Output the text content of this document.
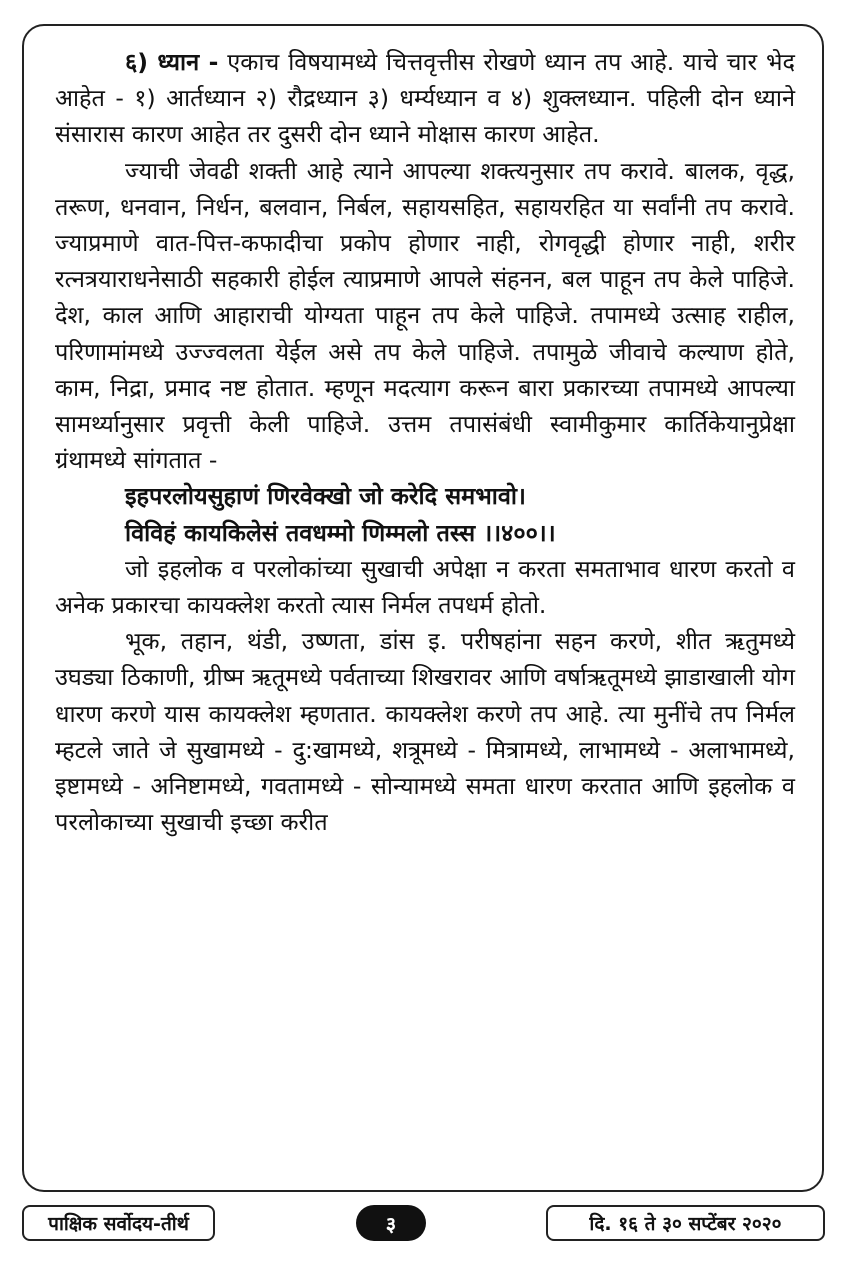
६) ध्यान - एकाच विषयामध्ये चित्तवृत्तीस रोखणे ध्यान तप आहे. याचे चार भेद आहेत - १) आर्तध्यान २) रौद्रध्यान ३) धर्म्यध्यान व ४) शुक्लध्यान. पहिली दोन ध्याने संसारास कारण आहेत तर दुसरी दोन ध्याने मोक्षास कारण आहेत.

ज्याची जेवढी शक्ती आहे त्याने आपल्या शक्त्यनुसार तप करावे. बालक, वृद्ध, तरूण, धनवान, निर्धन, बलवान, निर्बल, सहायसहित, सहायरहित या सर्वांनी तप करावे. ज्याप्रमाणे वात-पित्त-कफादीचा प्रकोप होणार नाही, रोगवृद्धी होणार नाही, शरीर रत्नत्रयाराधनेसाठी सहकारी होईल त्याप्रमाणे आपले संहनन, बल पाहून तप केले पाहिजे. देश, काल आणि आहाराची योग्यता पाहून तप केले पाहिजे. तपामध्ये उत्साह राहील, परिणामांमध्ये उज्ज्वलता येईल असे तप केले पाहिजे. तपामुळे जीवाचे कल्याण होते, काम, निद्रा, प्रमाद नष्ट होतात. म्हणून मदत्याग करून बारा प्रकारच्या तपामध्ये आपल्या सामर्थ्यानुसार प्रवृत्ती केली पाहिजे. उत्तम तपासंबंधी स्वामीकुमार कार्तिकेयानुप्रेक्षा ग्रंथामध्ये सांगतात -

इहपरलोयसुहाणं णिरवेक्खो जो करेदि समभावो।

विविहं कायकिलेसं तवधम्मो णिम्मलो तस्स ।।४००।।

जो इहलोक व परलोकांच्या सुखाची अपेक्षा न करता समताभाव धारण करतो व अनेक प्रकारचा कायक्लेश करतो त्यास निर्मल तपधर्म होतो.

भूक, तहान, थंडी, उष्णता, डांस इ. परीषहांना सहन करणे, शीत ऋतुमध्ये उघड्या ठिकाणी, ग्रीष्म ऋतूमध्ये पर्वताच्या शिखरावर आणि वर्षाऋतूमध्ये झाडाखाली योग धारण करणे यास कायक्लेश म्हणतात. कायक्लेश करणे तप आहे. त्या मुनींचे तप निर्मल म्हटले जाते जे सुखामध्ये - दु:खामध्ये, शत्रूमध्ये - मित्रामध्ये, लाभामध्ये - अलाभामध्ये, इष्टामध्ये - अनिष्टामध्ये, गवतामध्ये - सोन्यामध्ये समता धारण करतात आणि इहलोक व परलोकाच्या सुखाची इच्छा करीत

पाक्षिक सर्वोदय-तीर्थ	३	दि. १६ ते ३० सप्टेंबर २०२०
